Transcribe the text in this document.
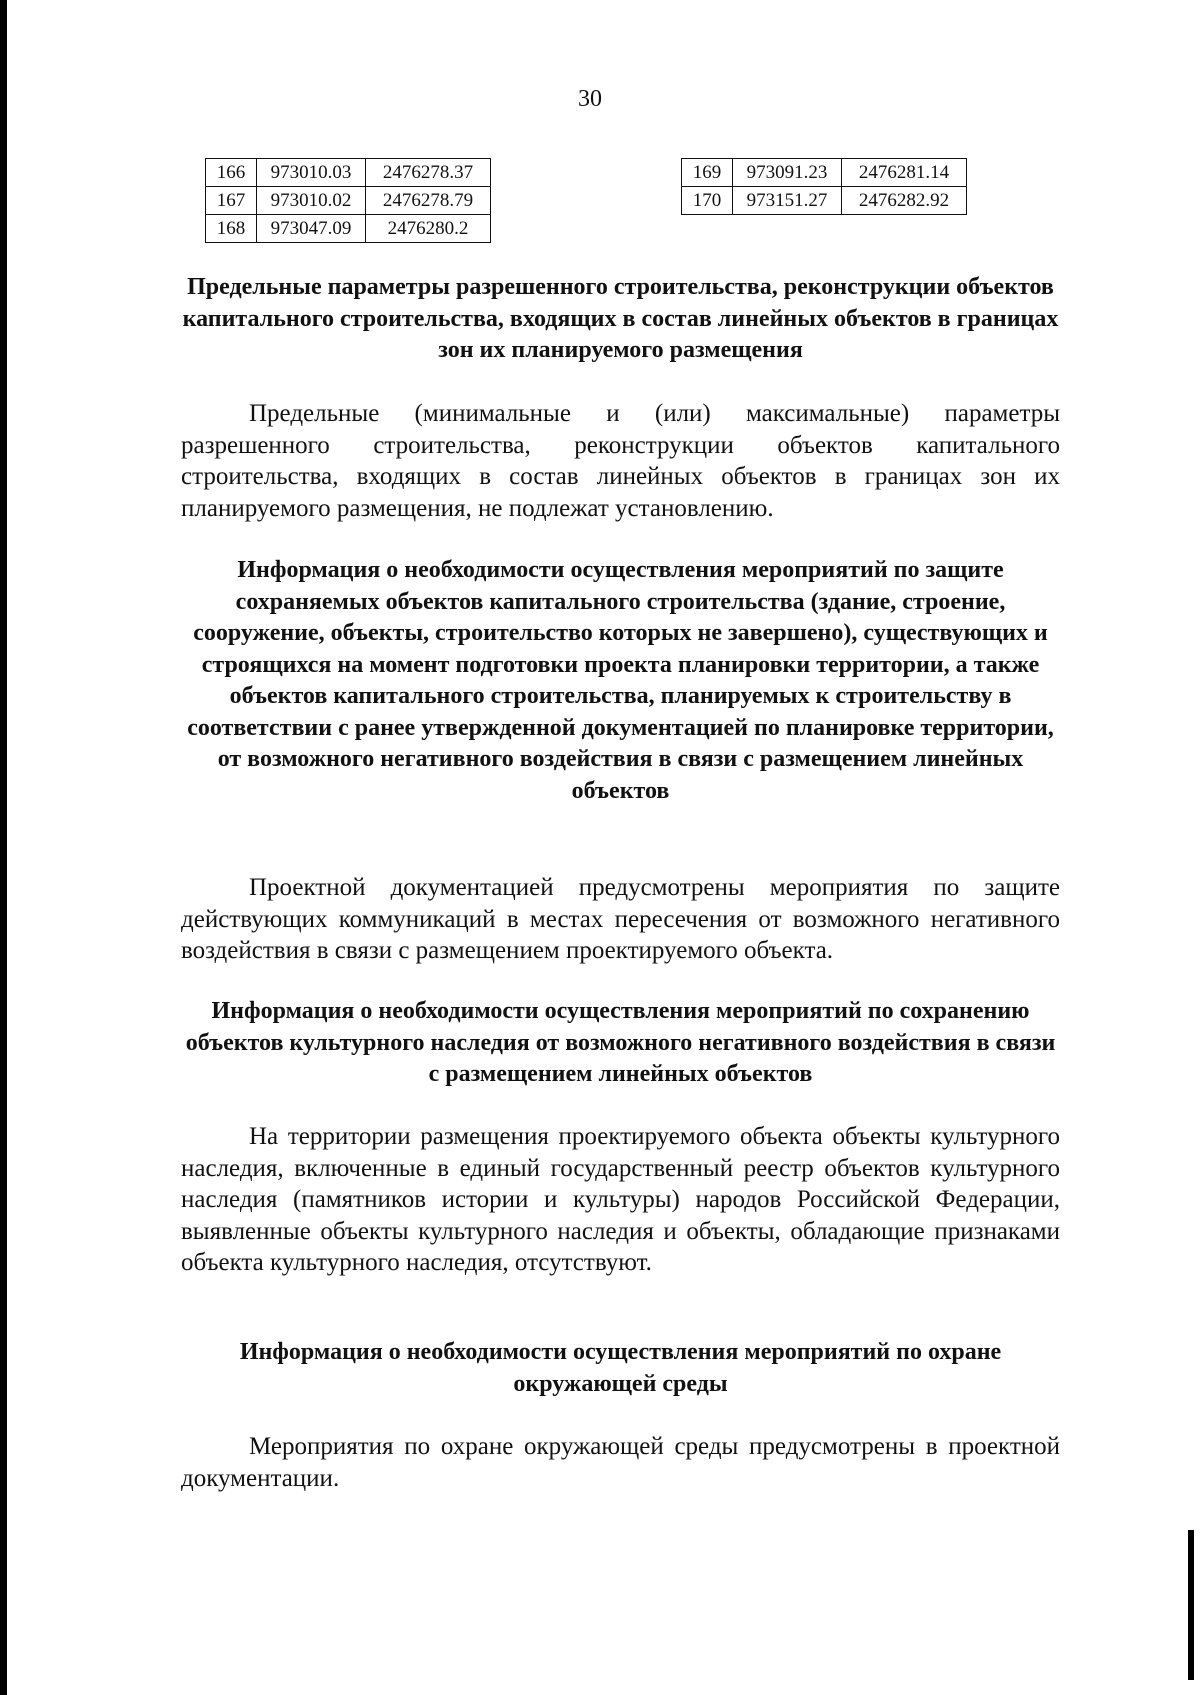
30
166	973010.03	2476278.37
167	973010.02	2476278.79
168	973047.09	2476280.2
169	973091.23	2476281.14
170	973151.27	2476282.92
Предельные параметры разрешенного строительства, реконструкции объектов капитального строительства, входящих в состав линейных объектов в границах зон их планируемого размещения

Предельные (минимальные и (или) максимальные) параметры разрешенного строительства, реконструкции объектов капитального строительства, входящих в состав линейных объектов в границах зон их планируемого размещения, не подлежат установлению.

Информация о необходимости осуществления мероприятий по защите сохраняемых объектов капитального строительства (здание, строение, сооружение, объекты, строительство которых не завершено), существующих и строящихся на момент подготовки проекта планировки территории, а также объектов капитального строительства, планируемых к строительству в соответствии с ранее утвержденной документацией по планировке территории, от возможного негативного воздействия в связи с размещением линейных объектов

Проектной документацией предусмотрены мероприятия по защите действующих коммуникаций в местах пересечения от возможного негативного воздействия в связи с размещением проектируемого объекта.

Информация о необходимости осуществления мероприятий по сохранению объектов культурного наследия от возможного негативного воздействия в связи с размещением линейных объектов

На территории размещения проектируемого объекта объекты культурного наследия, включенные в единый государственный реестр объектов культурного наследия (памятников истории и культуры) народов Российской Федерации, выявленные объекты культурного наследия и объекты, обладающие признаками объекта культурного наследия, отсутствуют.

Информация о необходимости осуществления мероприятий по охране окружающей среды

Мероприятия по охране окружающей среды предусмотрены в проектной документации.
